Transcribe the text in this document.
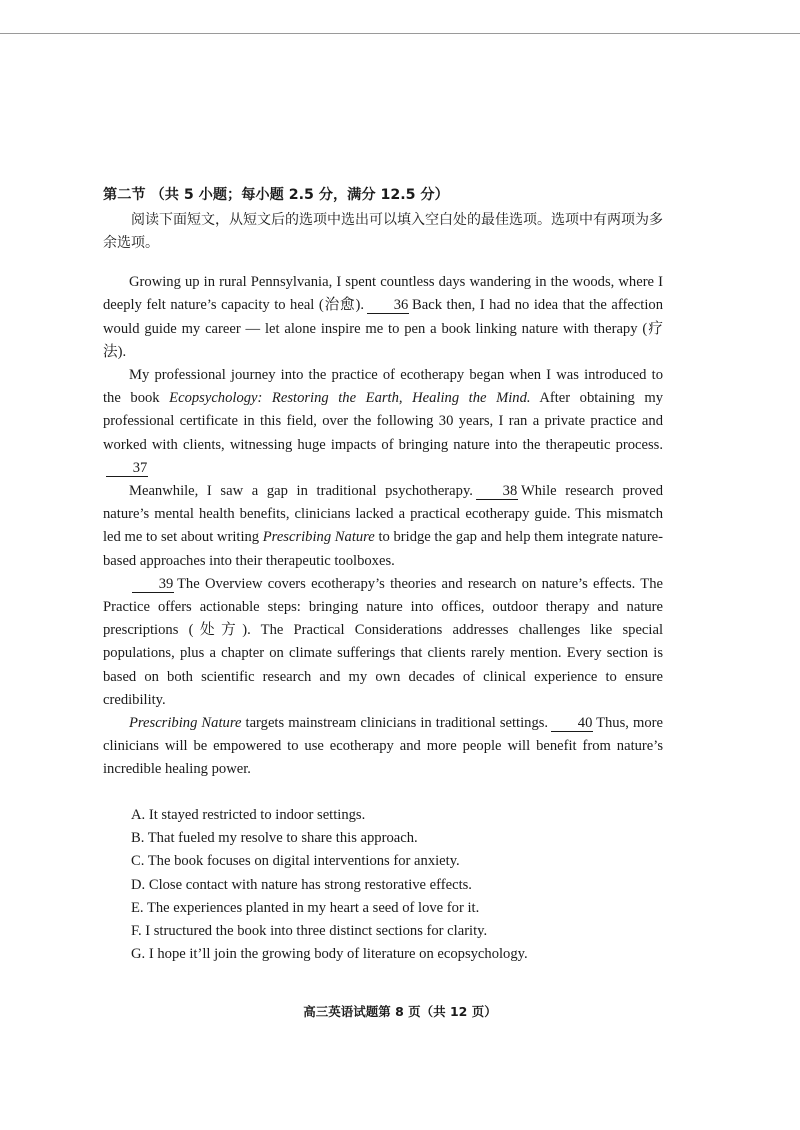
第二节 （共 5 小题；每小题 2.5 分，满分 12.5 分）

阅读下面短文，从短文后的选项中选出可以填入空白处的最佳选项。选项中有两项为多余选项。

Growing up in rural Pennsylvania, I spent countless days wandering in the woods, where I deeply felt nature’s capacity to heal (治愈). 36 Back then, I had no idea that the affection would guide my career — let alone inspire me to pen a book linking nature with therapy (疗法).

My professional journey into the practice of ecotherapy began when I was introduced to the book Ecopsychology: Restoring the Earth, Healing the Mind. After obtaining my professional certificate in this field, over the following 30 years, I ran a private practice and worked with clients, witnessing huge impacts of bringing nature into the therapeutic process.37

Meanwhile, I saw a gap in traditional psychotherapy. 38 While research proved nature’s mental health benefits, clinicians lacked a practical ecotherapy guide. This mismatch led me to set about writing Prescribing Nature to bridge the gap and help them integrate nature-based approaches into their therapeutic toolboxes.

39 The Overview covers ecotherapy’s theories and research on nature’s effects. The Practice offers actionable steps: bringing nature into offices, outdoor therapy and nature prescriptions (处方). The Practical Considerations addresses challenges like special populations, plus a chapter on climate sufferings that clients rarely mention. Every section is based on both scientific research and my own decades of clinical experience to ensure credibility.

Prescribing Nature targets mainstream clinicians in traditional settings. 40 Thus, more clinicians will be empowered to use ecotherapy and more people will benefit from nature’s incredible healing power.

A. It stayed restricted to indoor settings.

B. That fueled my resolve to share this approach.

C. The book focuses on digital interventions for anxiety.

D. Close contact with nature has strong restorative effects.

E. The experiences planted in my heart a seed of love for it.

F. I structured the book into three distinct sections for clarity.

G. I hope it’ll join the growing body of literature on ecopsychology.

高三英语试题第 8 页（共 12 页）
